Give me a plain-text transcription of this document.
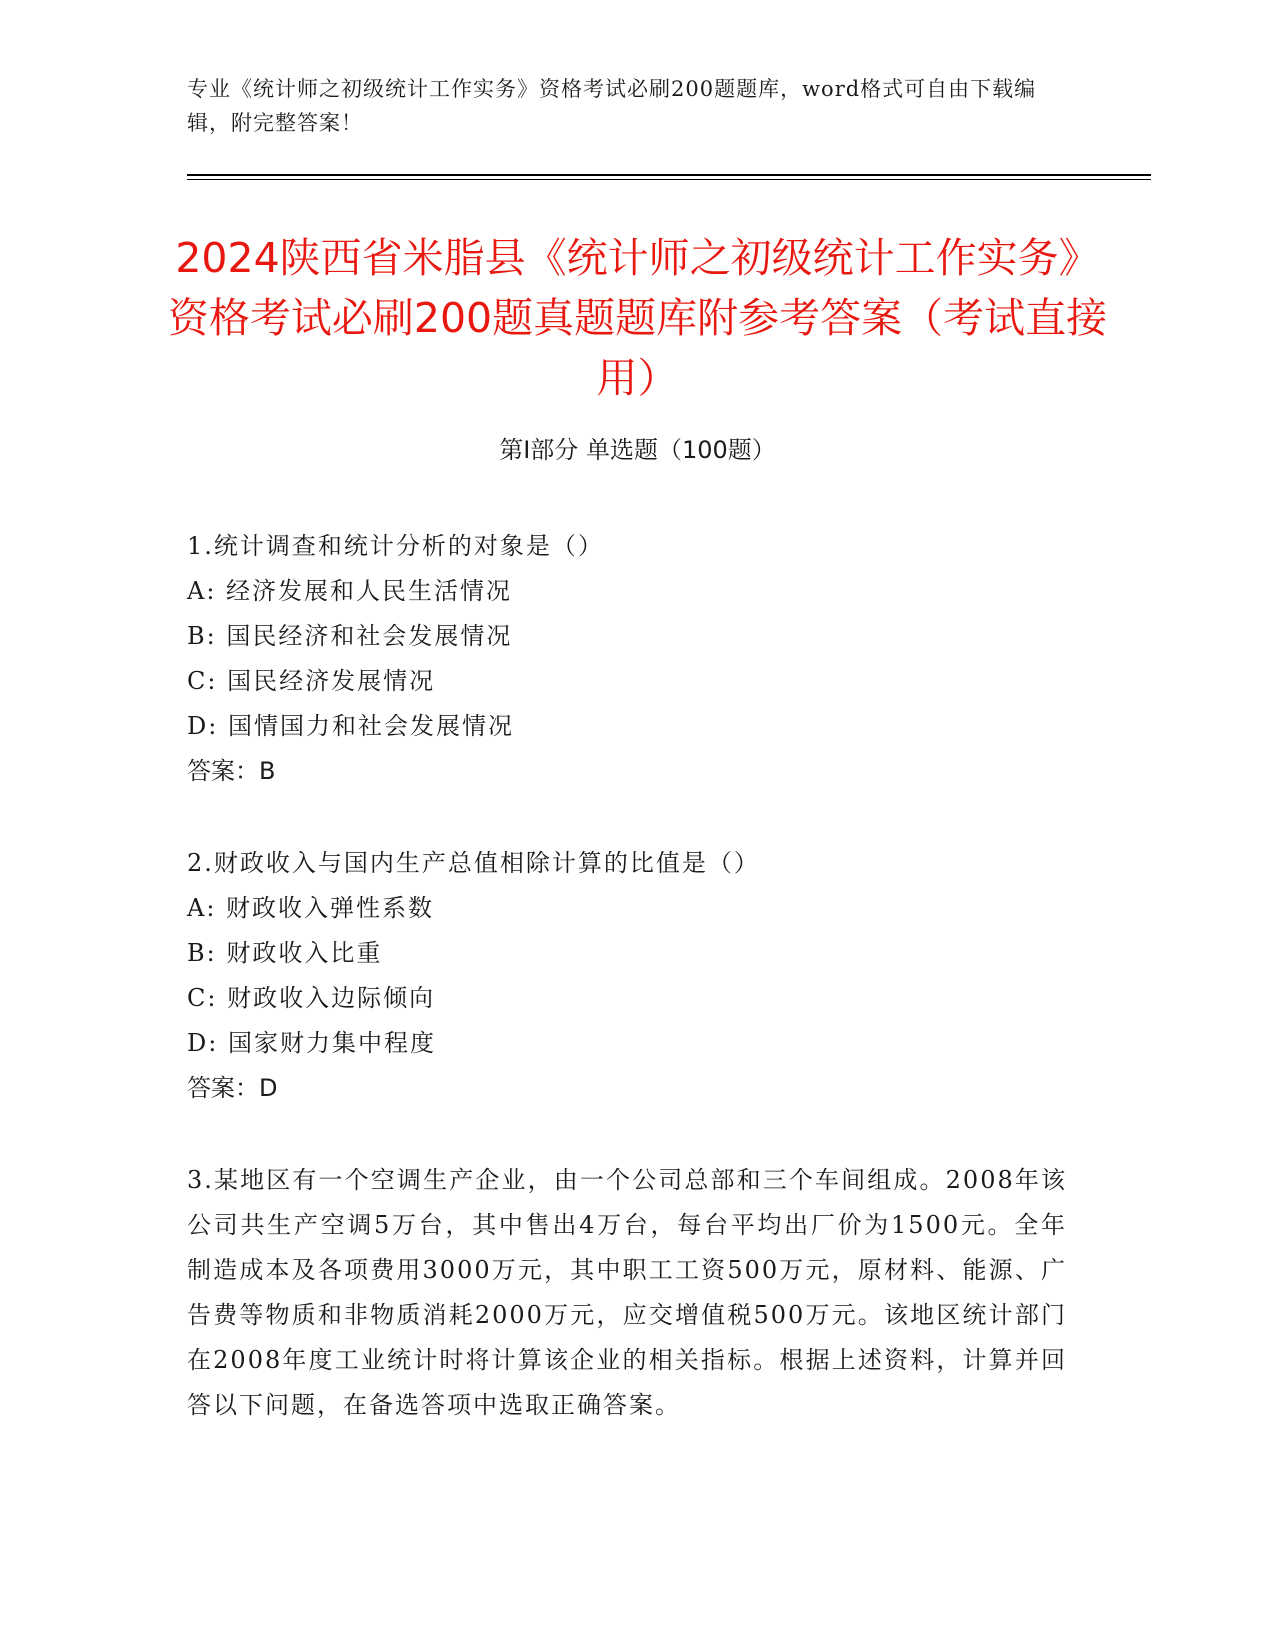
专业《统计师之初级统计工作实务》资格考试必刷200题题库，word格式可自由下载编辑，附完整答案！
2024陕西省米脂县《统计师之初级统计工作实务》资格考试必刷200题真题题库附参考答案（考试直接用）
第I部分 单选题（100题）
1.统计调查和统计分析的对象是（）
A: 经济发展和人民生活情况
B: 国民经济和社会发展情况
C: 国民经济发展情况
D: 国情国力和社会发展情况
答案：B
2.财政收入与国内生产总值相除计算的比值是（）
A: 财政收入弹性系数
B: 财政收入比重
C: 财政收入边际倾向
D: 国家财力集中程度
答案：D
3.某地区有一个空调生产企业，由一个公司总部和三个车间组成。2008年该公司共生产空调5万台，其中售出4万台，每台平均出厂价为1500元。全年制造成本及各项费用3000万元，其中职工工资500万元，原材料、能源、广告费等物质和非物质消耗2000万元，应交增值税500万元。该地区统计部门在2008年度工业统计时将计算该企业的相关指标。根据上述资料，计算并回答以下问题，在备选答项中选取正确答案。
